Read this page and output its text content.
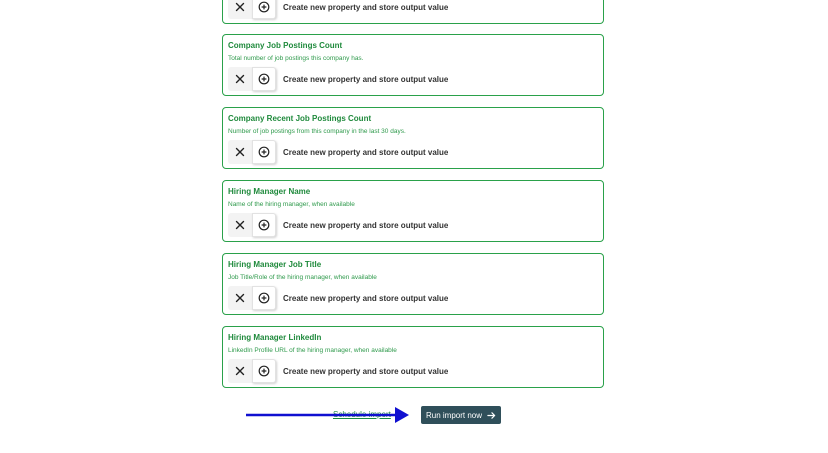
Create new property and store output value
Company Job Postings Count
Total number of job postings this company has.
Create new property and store output value
Company Recent Job Postings Count
Number of job postings from this company in the last 30 days.
Create new property and store output value
Hiring Manager Name
Name of the hiring manager, when available
Create new property and store output value
Hiring Manager Job Title
Job Title/Role of the hiring manager, when available
Create new property and store output value
Hiring Manager LinkedIn
LinkedIn Profile URL of the hiring manager, when available
Create new property and store output value
Schedule import	Run import now
